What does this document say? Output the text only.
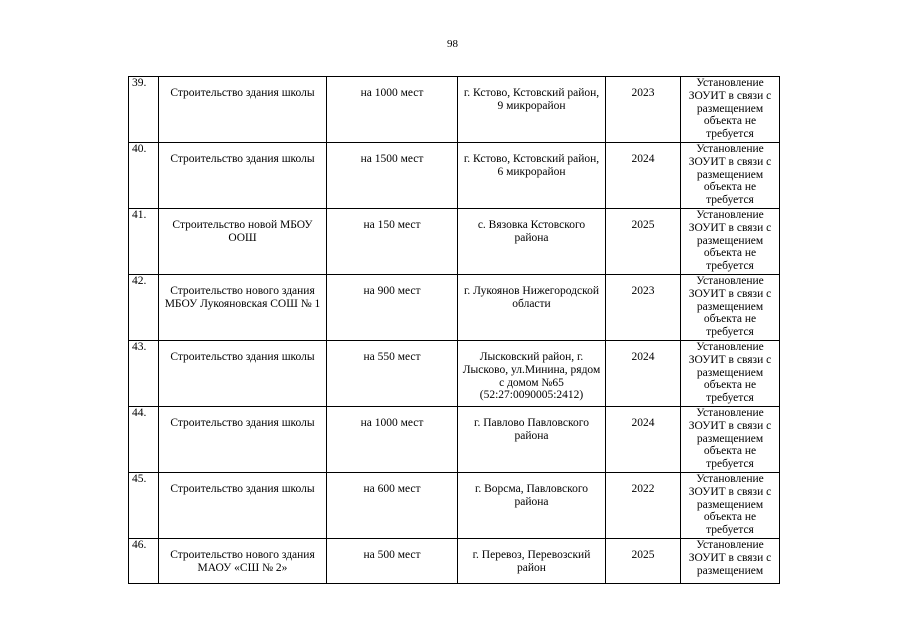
98
39.	Строительство здания школы	на 1000 мест	г. Кстово, Кстовский район, 9 микрорайон	2023	Установление ЗОУИТ в связи с размещением объекта не требуется

40.	Строительство здания школы	на 1500 мест	г. Кстово, Кстовский район, 6 микрорайон	2024	Установление ЗОУИТ в связи с размещением объекта не требуется

41.	Строительство новой МБОУ ООШ	на 150 мест	с. Вязовка Кстовского района	2025	Установление ЗОУИТ в связи с размещением объекта не требуется

42.	Строительство нового здания МБОУ Лукояновская СОШ № 1	на 900 мест	г. Лукоянов Нижегородской области	2023	Установление ЗОУИТ в связи с размещением объекта не требуется

43.	Строительство здания школы	на 550 мест	Лысковский район, г. Лысково, ул.Минина, рядом с домом №65 (52:27:0090005:2412)	2024	Установление ЗОУИТ в связи с размещением объекта не требуется

44.	Строительство здания школы	на 1000 мест	г. Павлово Павловского района	2024	Установление ЗОУИТ в связи с размещением объекта не требуется

45.	Строительство здания школы	на 600 мест	г. Ворсма, Павловского района	2022	Установление ЗОУИТ в связи с размещением объекта не требуется

46.	Строительство нового здания МАОУ «СШ № 2»	на 500 мест	г. Перевоз, Перевозский район	2025	Установление ЗОУИТ в связи с размещением
